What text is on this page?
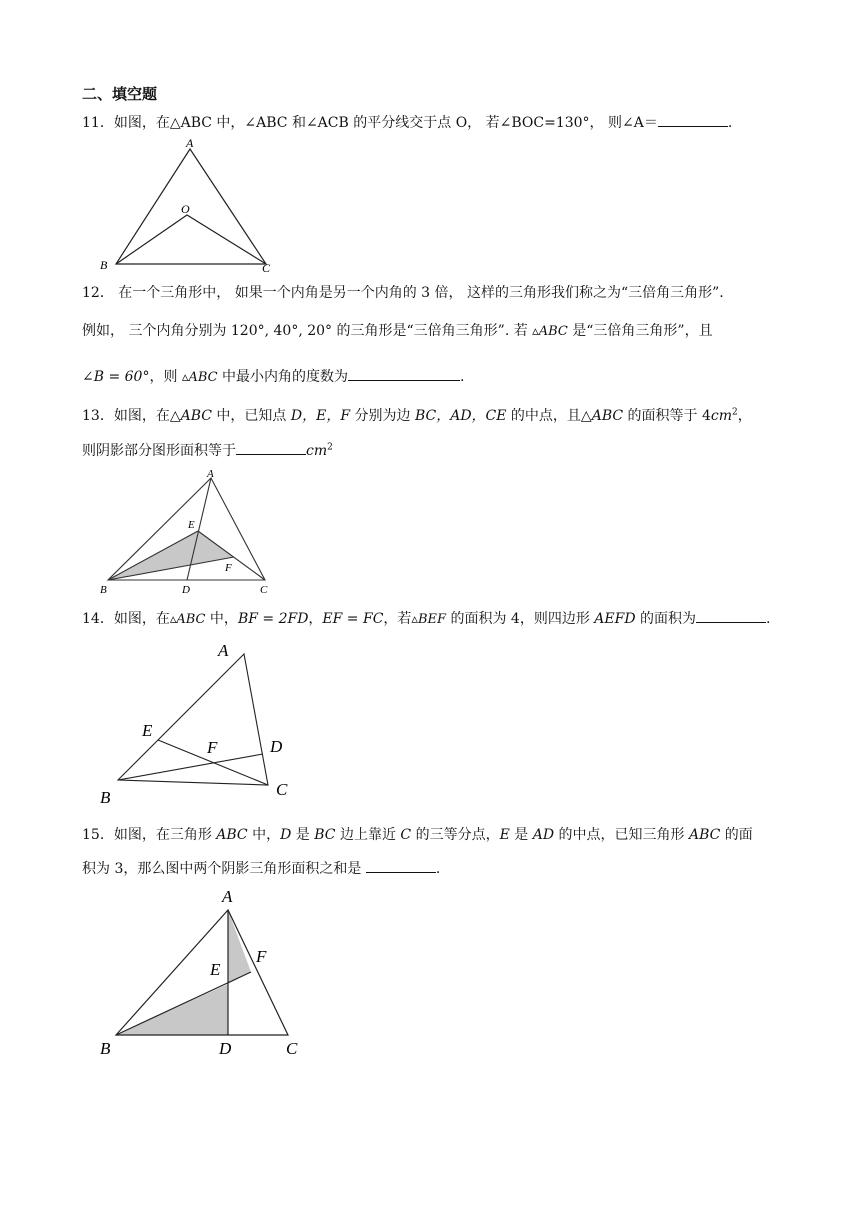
二、填空题
11．如图，在△ABC 中，∠ABC 和∠ACB 的平分线交于点 O， 若∠BOC=130°， 则∠A＝	.
A
B	C
O
12． 在一个三角形中， 如果一个内角是另一个内角的 3 倍， 这样的三角形我们称之为“三倍角三角形”.
例如， 三个内角分别为 120°, 40°, 20° 的三角形是“三倍角三角形”. 若 ▵ABC 是“三倍角三角形”，且
∠B = 60°，则 ▵ABC 中最小内角的度数为	.
13．如图，在△ABC 中，已知点 D，E，F 分别为边 BC，AD，CE 的中点，且△ABC 的面积等于 $4cm^2$，
则阴影部分图形面积等于	$cm^2$
A
B	C
D
E
F
14．如图，在▵ABC 中，BF = 2FD，EF = FC，若▵BEF 的面积为 4，则四边形 AEFD 的面积为	.
A
B	C
D
E
F
15．如图，在三角形 ABC 中，D 是 BC 边上靠近 C 的三等分点，E 是 AD 的中点，已知三角形 ABC 的面
积为 3，那么图中两个阴影三角形面积之和是	.
A
B	C
D
E
F
